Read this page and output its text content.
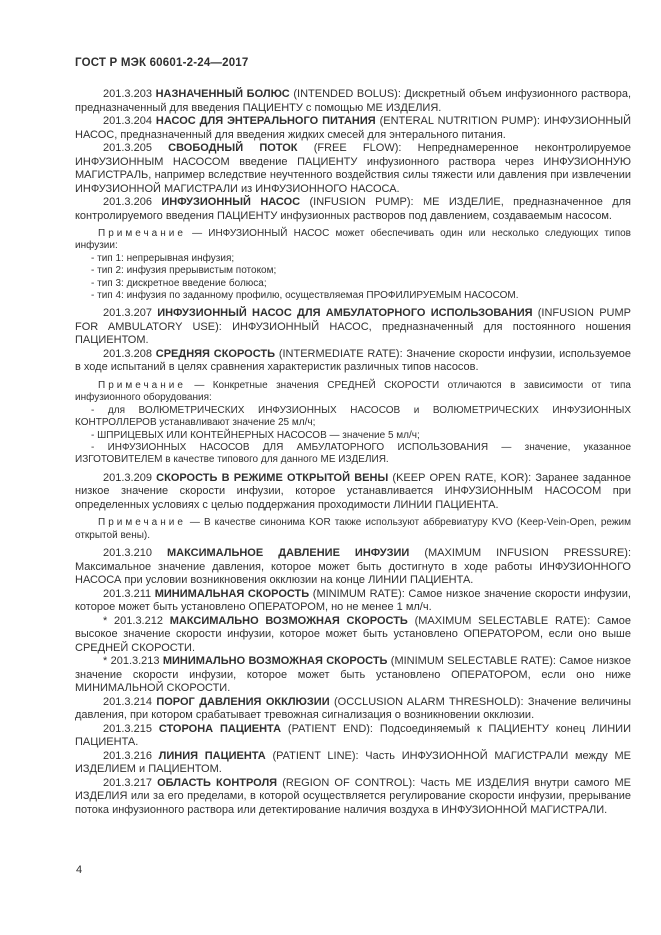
ГОСТ Р МЭК 60601-2-24—2017

201.3.203 НАЗНАЧЕННЫЙ БОЛЮС (INTENDED BOLUS): Дискретный объем инфузионного раствора, предназначенный для введения ПАЦИЕНТУ с помощью МЕ ИЗДЕЛИЯ.

201.3.204 НАСОС ДЛЯ ЭНТЕРАЛЬНОГО ПИТАНИЯ (ENTERAL NUTRITION PUMP): ИНФУЗИОННЫЙ НАСОС, предназначенный для введения жидких смесей для энтерального питания.

201.3.205 СВОБОДНЫЙ ПОТОК (FREE FLOW): Непреднамеренное неконтролируемое ИНФУЗИОННЫМ НАСОСОМ введение ПАЦИЕНТУ инфузионного раствора через ИНФУЗИОННУЮ МАГИСТРАЛЬ, например вследствие неучтенного воздействия силы тяжести или давления при извлечении ИНФУЗИОННОЙ МАГИСТРАЛИ из ИНФУЗИОННОГО НАСОСА.

201.3.206 ИНФУЗИОННЫЙ НАСОС (INFUSION PUMP): МЕ ИЗДЕЛИЕ, предназначенное для контролируемого введения ПАЦИЕНТУ инфузионных растворов под давлением, создаваемым насосом.

Примечание — ИНФУЗИОННЫЙ НАСОС может обеспечивать один или несколько следующих типов инфузии:

- тип 1: непрерывная инфузия;

- тип 2: инфузия прерывистым потоком;

- тип 3: дискретное введение болюса;

- тип 4: инфузия по заданному профилю, осуществляемая ПРОФИЛИРУЕМЫМ НАСОСОМ.

201.3.207 ИНФУЗИОННЫЙ НАСОС ДЛЯ АМБУЛАТОРНОГО ИСПОЛЬЗОВАНИЯ (INFUSION PUMP FOR AMBULATORY USE): ИНФУЗИОННЫЙ НАСОС, предназначенный для постоянного ношения ПАЦИЕНТОМ.

201.3.208 СРЕДНЯЯ СКОРОСТЬ (INTERMEDIATE RATE): Значение скорости инфузии, используемое в ходе испытаний в целях сравнения характеристик различных типов насосов.

Примечание — Конкретные значения СРЕДНЕЙ СКОРОСТИ отличаются в зависимости от типа инфузионного оборудования:

- для ВОЛЮМЕТРИЧЕСКИХ ИНФУЗИОННЫХ НАСОСОВ и ВОЛЮМЕТРИЧЕСКИХ ИНФУЗИОННЫХ КОНТРОЛЛЕРОВ устанавливают значение 25 мл/ч;

- ШПРИЦЕВЫХ ИЛИ КОНТЕЙНЕРНЫХ НАСОСОВ — значение 5 мл/ч;

- ИНФУЗИОННЫХ НАСОСОВ ДЛЯ АМБУЛАТОРНОГО ИСПОЛЬЗОВАНИЯ — значение, указанное ИЗГОТОВИТЕЛЕМ в качестве типового для данного МЕ ИЗДЕЛИЯ.

201.3.209 СКОРОСТЬ В РЕЖИМЕ ОТКРЫТОЙ ВЕНЫ (KEEP OPEN RATE, KOR): Заранее заданное низкое значение скорости инфузии, которое устанавливается ИНФУЗИОННЫМ НАСОСОМ при определенных условиях с целью поддержания проходимости ЛИНИИ ПАЦИЕНТА.

Примечание — В качестве синонима KOR также используют аббревиатуру KVO (Keep-Vein-Open, режим открытой вены).

201.3.210 МАКСИМАЛЬНОЕ ДАВЛЕНИЕ ИНФУЗИИ (MAXIMUM INFUSION PRESSURE): Максимальное значение давления, которое может быть достигнуто в ходе работы ИНФУЗИОННОГО НАСОСА при условии возникновения окклюзии на конце ЛИНИИ ПАЦИЕНТА.

201.3.211 МИНИМАЛЬНАЯ СКОРОСТЬ (MINIMUM RATE): Самое низкое значение скорости инфузии, которое может быть установлено ОПЕРАТОРОМ, но не менее 1 мл/ч.

* 201.3.212 МАКСИМАЛЬНО ВОЗМОЖНАЯ СКОРОСТЬ (MAXIMUM SELECTABLE RATE): Самое высокое значение скорости инфузии, которое может быть установлено ОПЕРАТОРОМ, если оно выше СРЕДНЕЙ СКОРОСТИ.

* 201.3.213 МИНИМАЛЬНО ВОЗМОЖНАЯ СКОРОСТЬ (MINIMUM SELECTABLE RATE): Самое низкое значение скорости инфузии, которое может быть установлено ОПЕРАТОРОМ, если оно ниже МИНИМАЛЬНОЙ СКОРОСТИ.

201.3.214 ПОРОГ ДАВЛЕНИЯ ОККЛЮЗИИ (OCCLUSION ALARM THRESHOLD): Значение величины давления, при котором срабатывает тревожная сигнализация о возникновении окклюзии.

201.3.215 СТОРОНА ПАЦИЕНТА (PATIENT END): Подсоединяемый к ПАЦИЕНТУ конец ЛИНИИ ПАЦИЕНТА.

201.3.216 ЛИНИЯ ПАЦИЕНТА (PATIENT LINE): Часть ИНФУЗИОННОЙ МАГИСТРАЛИ между МЕ ИЗДЕЛИЕМ и ПАЦИЕНТОМ.

201.3.217 ОБЛАСТЬ КОНТРОЛЯ (REGION OF CONTROL): Часть МЕ ИЗДЕЛИЯ внутри самого МЕ ИЗДЕЛИЯ или за его пределами, в которой осуществляется регулирование скорости инфузии, прерывание потока инфузионного раствора или детектирование наличия воздуха в ИНФУЗИОННОЙ МАГИСТРАЛИ.

4
